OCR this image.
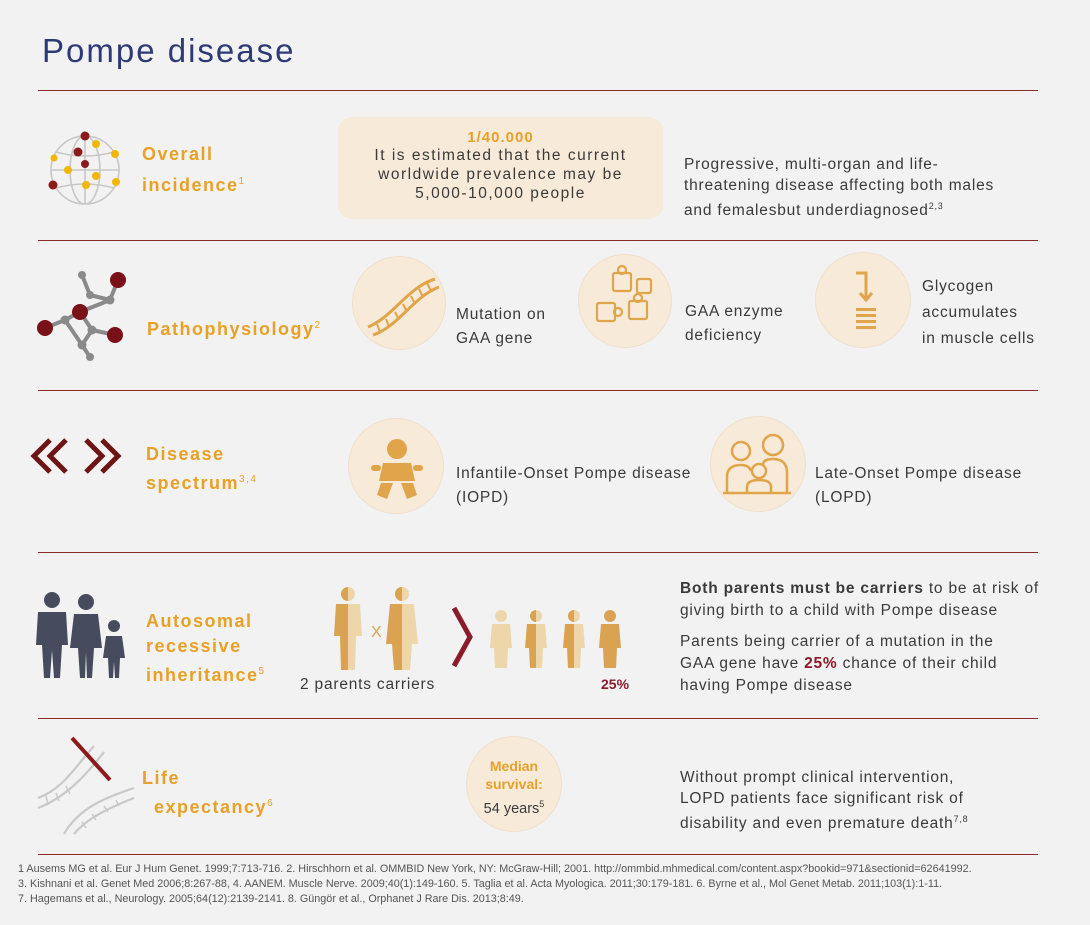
Pompe disease
Overall
incidence$^1$
1/40.000
It is estimated that the current
worldwide prevalence may be
5,000-10,000 people
Progressive, multi-organ and life-
threatening disease affecting both males
and femalesbut underdiagnosed$^{2,3}$
Pathophysiology$^2$
Mutation on
GAA gene
GAA enzyme
deficiency
Glycogen
accumulates
in muscle cells
Disease
spectrum$^{3,4}$	Infantile-Onset Pompe disease
(IOPD)
Late-Onset Pompe disease
(LOPD)
Autosomal
recessive
inheritance$^5$
X
2 parents carriers	25%
Both parents must be carriers to be at risk of
giving birth to a child with Pompe disease
Parents being carrier of a mutation in the
GAA gene have 25% chance of their child
having Pompe disease
Life
expectancy$^6$
Median
survival:
54 years$^5$
Without prompt clinical intervention,
LOPD patients face significant risk of
disability and even premature death$^{7,8}$
1 Ausems MG et al. Eur J Hum Genet. 1999;7:713-716. 2. Hirschhorn et al. OMMBID New York, NY: McGraw-Hill; 2001. http://ommbid.mhmedical.com/content.aspx?bookid=971&sectionid=62641992.
3. Kishnani et al. Genet Med 2006;8:267-88, 4. AANEM. Muscle Nerve. 2009;40(1):149-160. 5. Taglia et al. Acta Myologica. 2011;30:179-181. 6. Byrne et al., Mol Genet Metab. 2011;103(1):1-11.
7. Hagemans et al., Neurology. 2005;64(12):2139-2141. 8. Güngör et al., Orphanet J Rare Dis. 2013;8:49.
